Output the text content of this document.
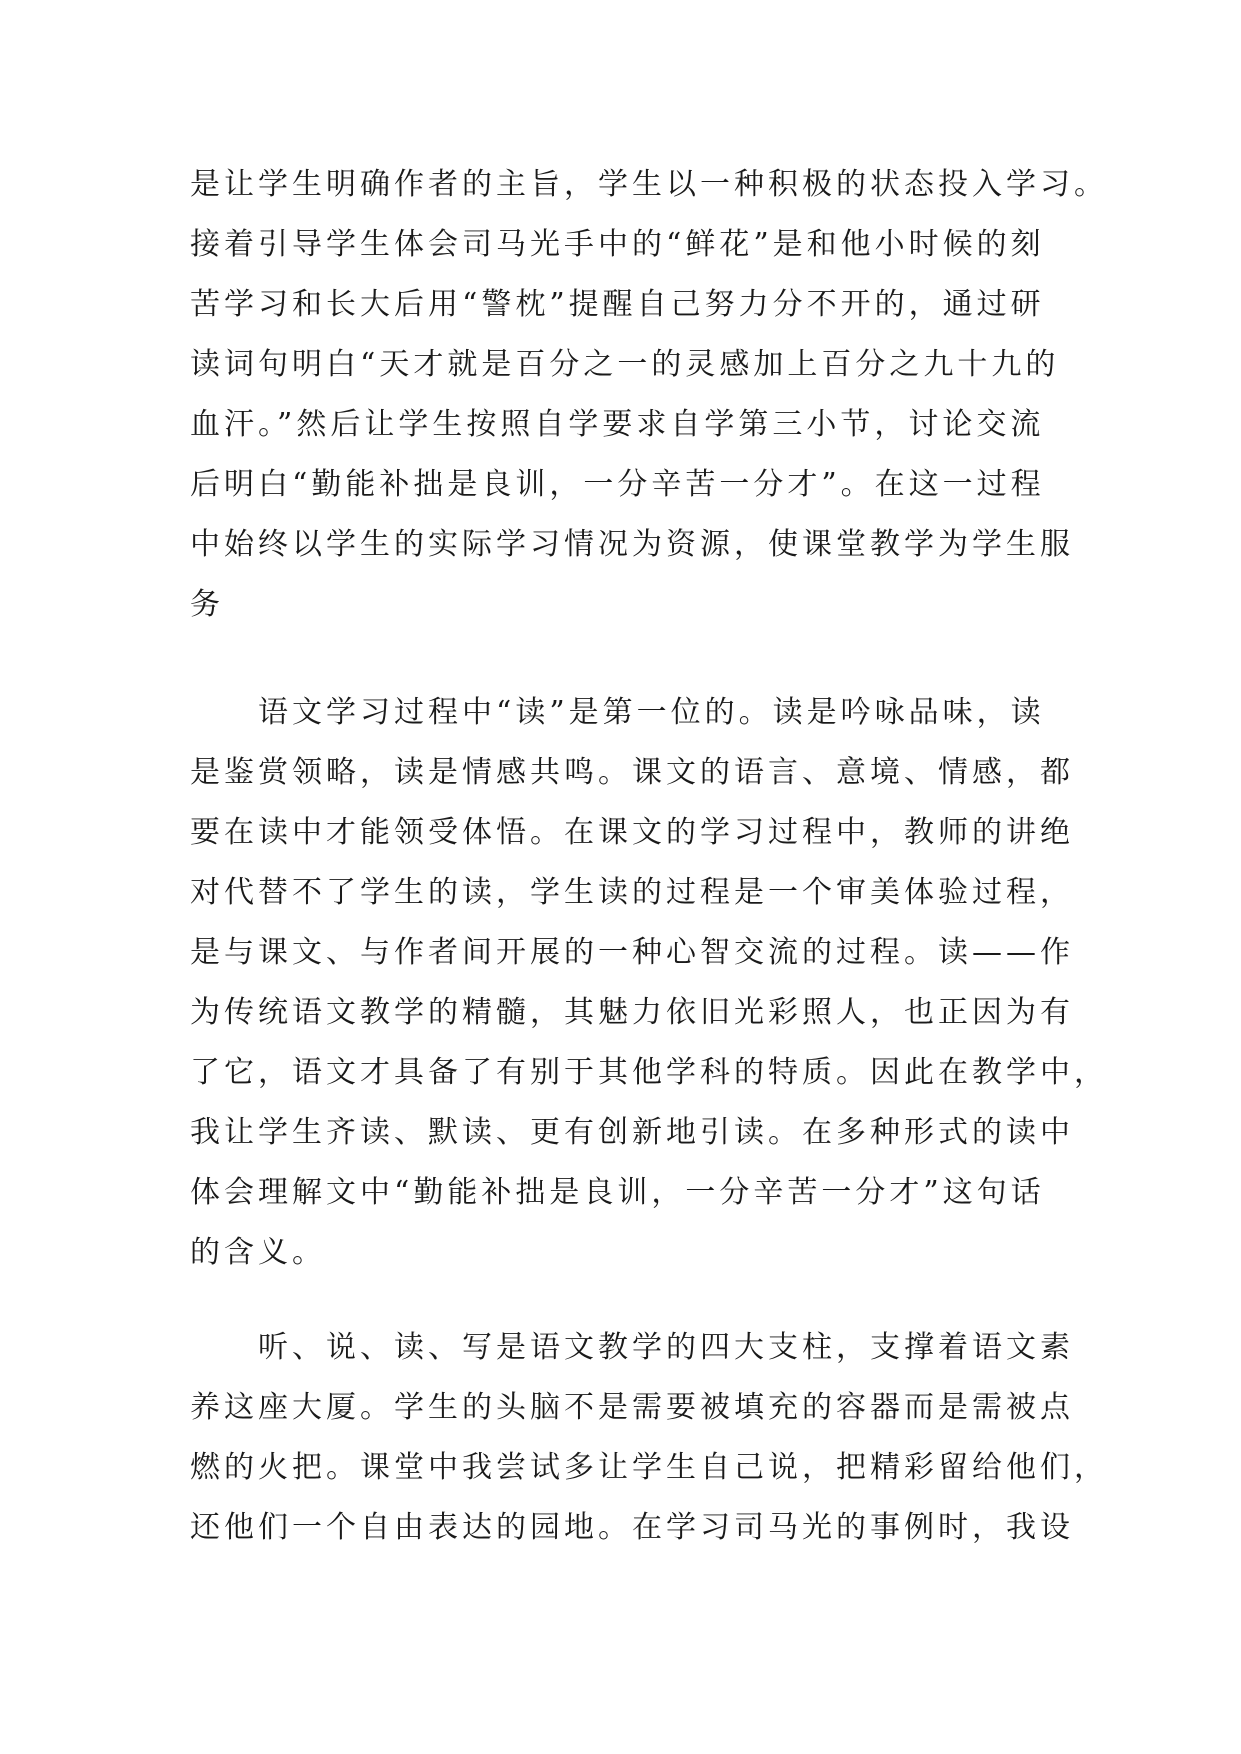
是让学生明确作者的主旨，学生以一种积极的状态投入学习。
接着引导学生体会司马光手中的“鲜花”是和他小时候的刻
苦学习和长大后用“警枕”提醒自己努力分不开的，通过研
读词句明白“天才就是百分之一的灵感加上百分之九十九的
血汗。”然后让学生按照自学要求自学第三小节，讨论交流
后明白“勤能补拙是良训，一分辛苦一分才”。在这一过程
中始终以学生的实际学习情况为资源，使课堂教学为学生服
务
语文学习过程中“读”是第一位的。读是吟咏品味，读
是鉴赏领略，读是情感共鸣。课文的语言、意境、情感，都
要在读中才能领受体悟。在课文的学习过程中，教师的讲绝
对代替不了学生的读，学生读的过程是一个审美体验过程，
是与课文、与作者间开展的一种心智交流的过程。读——作
为传统语文教学的精髓，其魅力依旧光彩照人，也正因为有
了它，语文才具备了有别于其他学科的特质。因此在教学中，
我让学生齐读、默读、更有创新地引读。在多种形式的读中
体会理解文中“勤能补拙是良训，一分辛苦一分才”这句话
的含义。
听、说、读、写是语文教学的四大支柱，支撑着语文素
养这座大厦。学生的头脑不是需要被填充的容器而是需被点
燃的火把。课堂中我尝试多让学生自己说，把精彩留给他们，
还他们一个自由表达的园地。在学习司马光的事例时，我设
